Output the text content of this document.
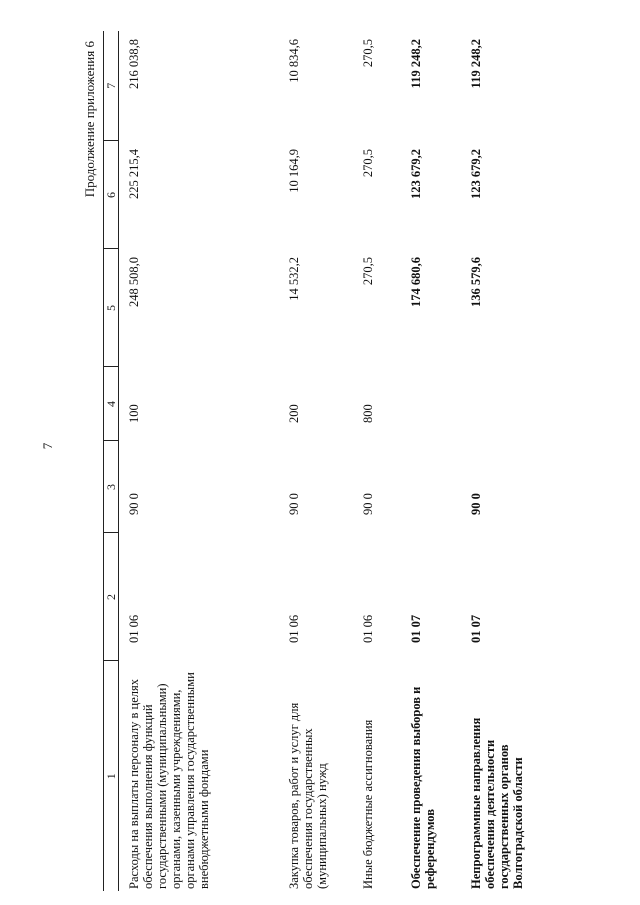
7
Продолжение приложения 6
1	2	3	4	5	6	7
Расходы на выплаты персоналу в целях обеспечения выполнения функций государственными (муниципальными) органами, казенными учреждениями, органами управления государственными внебюджетными фондами	01 06	90 0	100	248 508,0	225 215,4	216 038,8
Закупка товаров, работ и услуг для обеспечения государственных (муниципальных) нужд	01 06	90 0	200	14 532,2	10 164,9	10 834,6
Иные бюджетные ассигнования	01 06	90 0	800	270,5	270,5	270,5
Обеспечение проведения выборов и референдумов	01 07			174 680,6	123 679,2	119 248,2
Непрограммные направления обеспечения деятельности государственных органов Волгоградской области	01 07	90 0		136 579,6	123 679,2	119 248,2
